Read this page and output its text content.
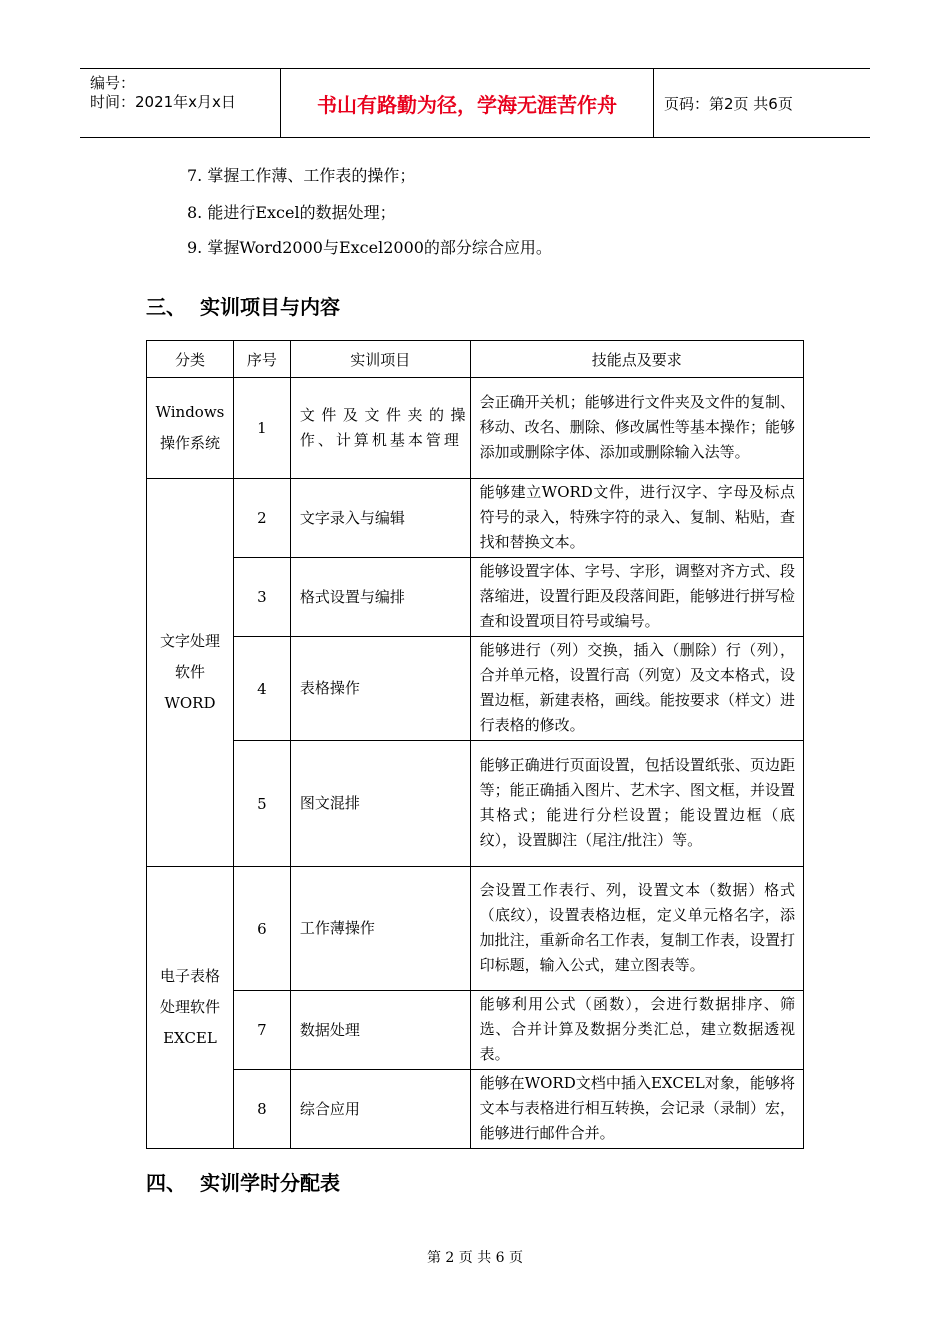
编号：
时间：2021年x月x日	书山有路勤为径，学海无涯苦作舟	页码：第2页 共6页
7. 掌握工作薄、工作表的操作；
8. 能进行Excel的数据处理；
9. 掌握Word2000与Excel2000的部分综合应用。
三、 实训项目与内容
分类	序号	实训项目	技能点及要求
Windows
操作系统	1	文件及文件夹的操作、计算机基本管理	会正确开关机；能够进行文件夹及文件的复制、移动、改名、删除、修改属性等基本操作；能够添加或删除字体、添加或删除输入法等。
文字处理
软件
WORD	2	文字录入与编辑	能够建立WORD文件，进行汉字、字母及标点符号的录入，特殊字符的录入、复制、粘贴，查找和替换文本。
	3	格式设置与编排	能够设置字体、字号、字形，调整对齐方式、段落缩进，设置行距及段落间距，能够进行拼写检查和设置项目符号或编号。
	4	表格操作	能够进行（列）交换，插入（删除）行（列），合并单元格，设置行高（列宽）及文本格式，设置边框，新建表格，画线。能按要求（样文）进行表格的修改。
	5	图文混排	能够正确进行页面设置，包括设置纸张、页边距等；能正确插入图片、艺术字、图文框，并设置其格式；能进行分栏设置；能设置边框（底纹），设置脚注（尾注/批注）等。
电子表格
处理软件
EXCEL	6	工作薄操作	会设置工作表行、列，设置文本（数据）格式（底纹），设置表格边框，定义单元格名字，添加批注，重新命名工作表，复制工作表，设置打印标题，输入公式，建立图表等。
	7	数据处理	能够利用公式（函数），会进行数据排序、筛选、合并计算及数据分类汇总，建立数据透视表。
	8	综合应用	能够在WORD文档中插入EXCEL对象，能够将文本与表格进行相互转换，会记录（录制）宏，能够进行邮件合并。
四、 实训学时分配表
第 2 页 共 6 页
